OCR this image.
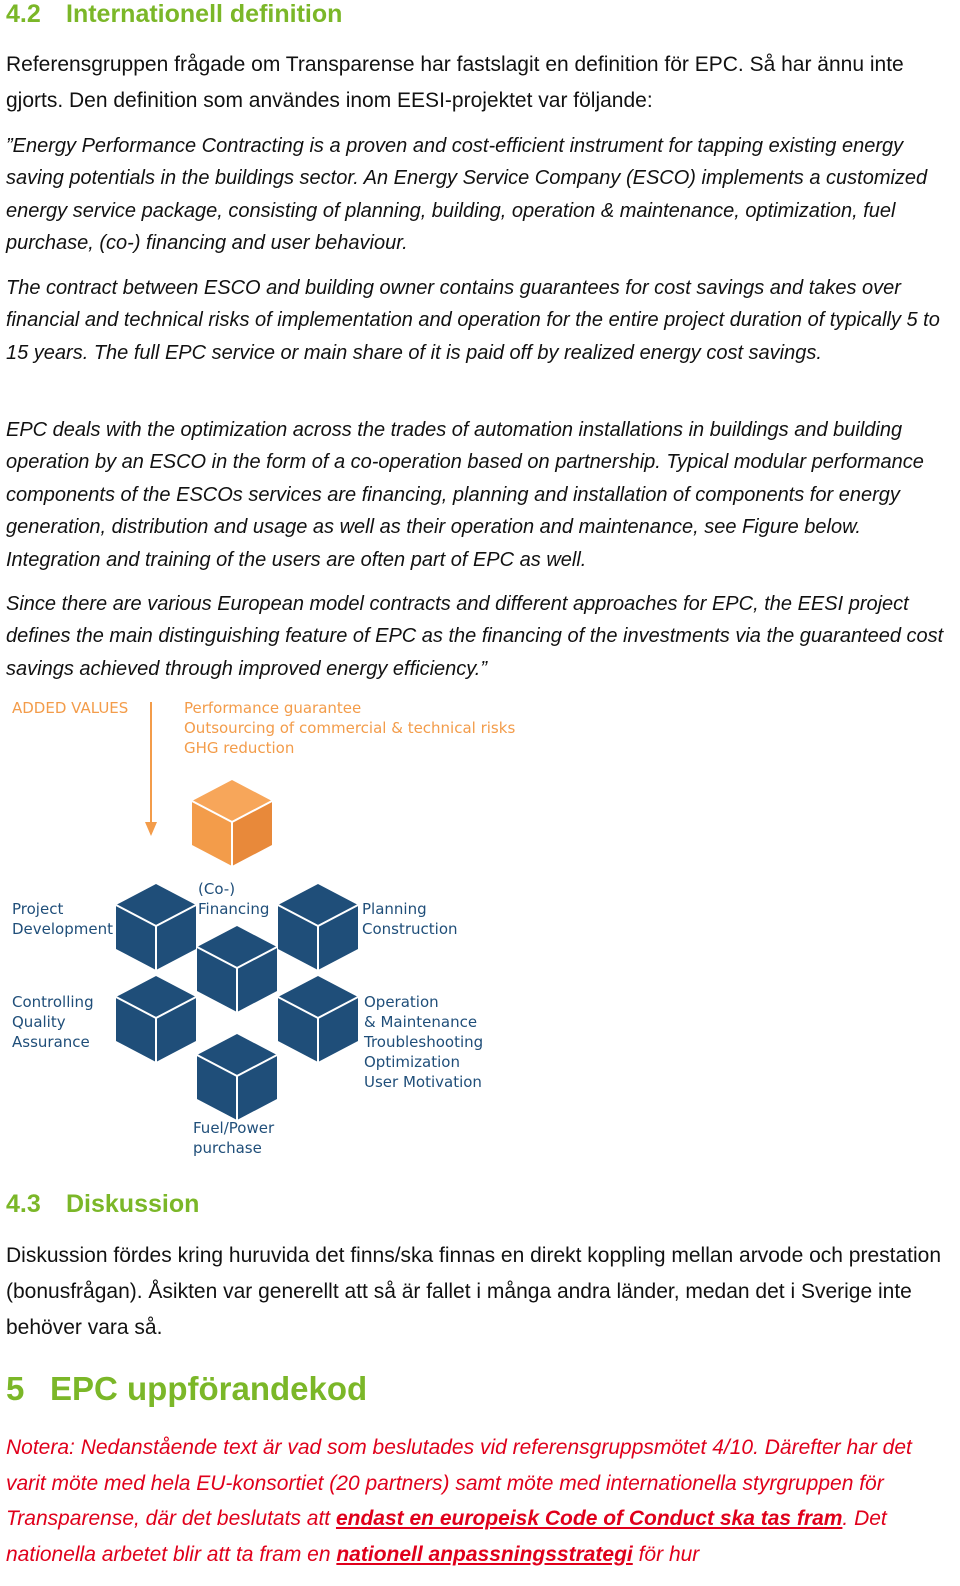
4.2 Internationell definition

Referensgruppen frågade om Transparense har fastslagit en definition för EPC. Så har ännu inte gjorts. Den definition som användes inom EESI-projektet var följande:

”Energy Performance Contracting is a proven and cost-efficient instrument for tapping existing energy saving potentials in the buildings sector. An Energy Service Company (ESCO) implements a customized energy service package, consisting of planning, building, operation & maintenance, optimization, fuel purchase, (co-) financing and user behaviour.

The contract between ESCO and building owner contains guarantees for cost savings and takes over financial and technical risks of implementation and operation for the entire project duration of typically 5 to 15 years. The full EPC service or main share of it is paid off by realized energy cost savings.

EPC deals with the optimization across the trades of automation installations in buildings and building operation by an ESCO in the form of a co-operation based on partnership. Typical modular performance components of the ESCOs services are financing, planning and installation of components for energy generation, distribution and usage as well as their operation and maintenance, see Figure below. Integration and training of the users are often part of EPC as well.

Since there are various European model contracts and different approaches for EPC, the EESI project defines the main distinguishing feature of EPC as the financing of the investments via the guaranteed cost savings achieved through improved energy efficiency.”

ADDED VALUES	Performance guarantee
Outsourcing of commercial & technical risks
GHG reduction
Project
Development
(Co-)
Financing	Planning
Construction
Controlling
Quality
Assurance
Operation
& Maintenance
Troubleshooting
Optimization
User Motivation
Fuel/Power
purchase
4.3 Diskussion

Diskussion fördes kring huruvida det finns/ska finnas en direkt koppling mellan arvode och prestation (bonusfrågan). Åsikten var generellt att så är fallet i många andra länder, medan det i Sverige inte behöver vara så.

5 EPC uppförandekod

Notera: Nedanstående text är vad som beslutades vid referensgruppsmötet 4/10. Därefter har det varit möte med hela EU-konsortiet (20 partners) samt möte med internationella styrgruppen för Transparense, där det beslutats att endast en europeisk Code of Conduct ska tas fram. Det nationella arbetet blir att ta fram en nationell anpassningsstrategi för hur
